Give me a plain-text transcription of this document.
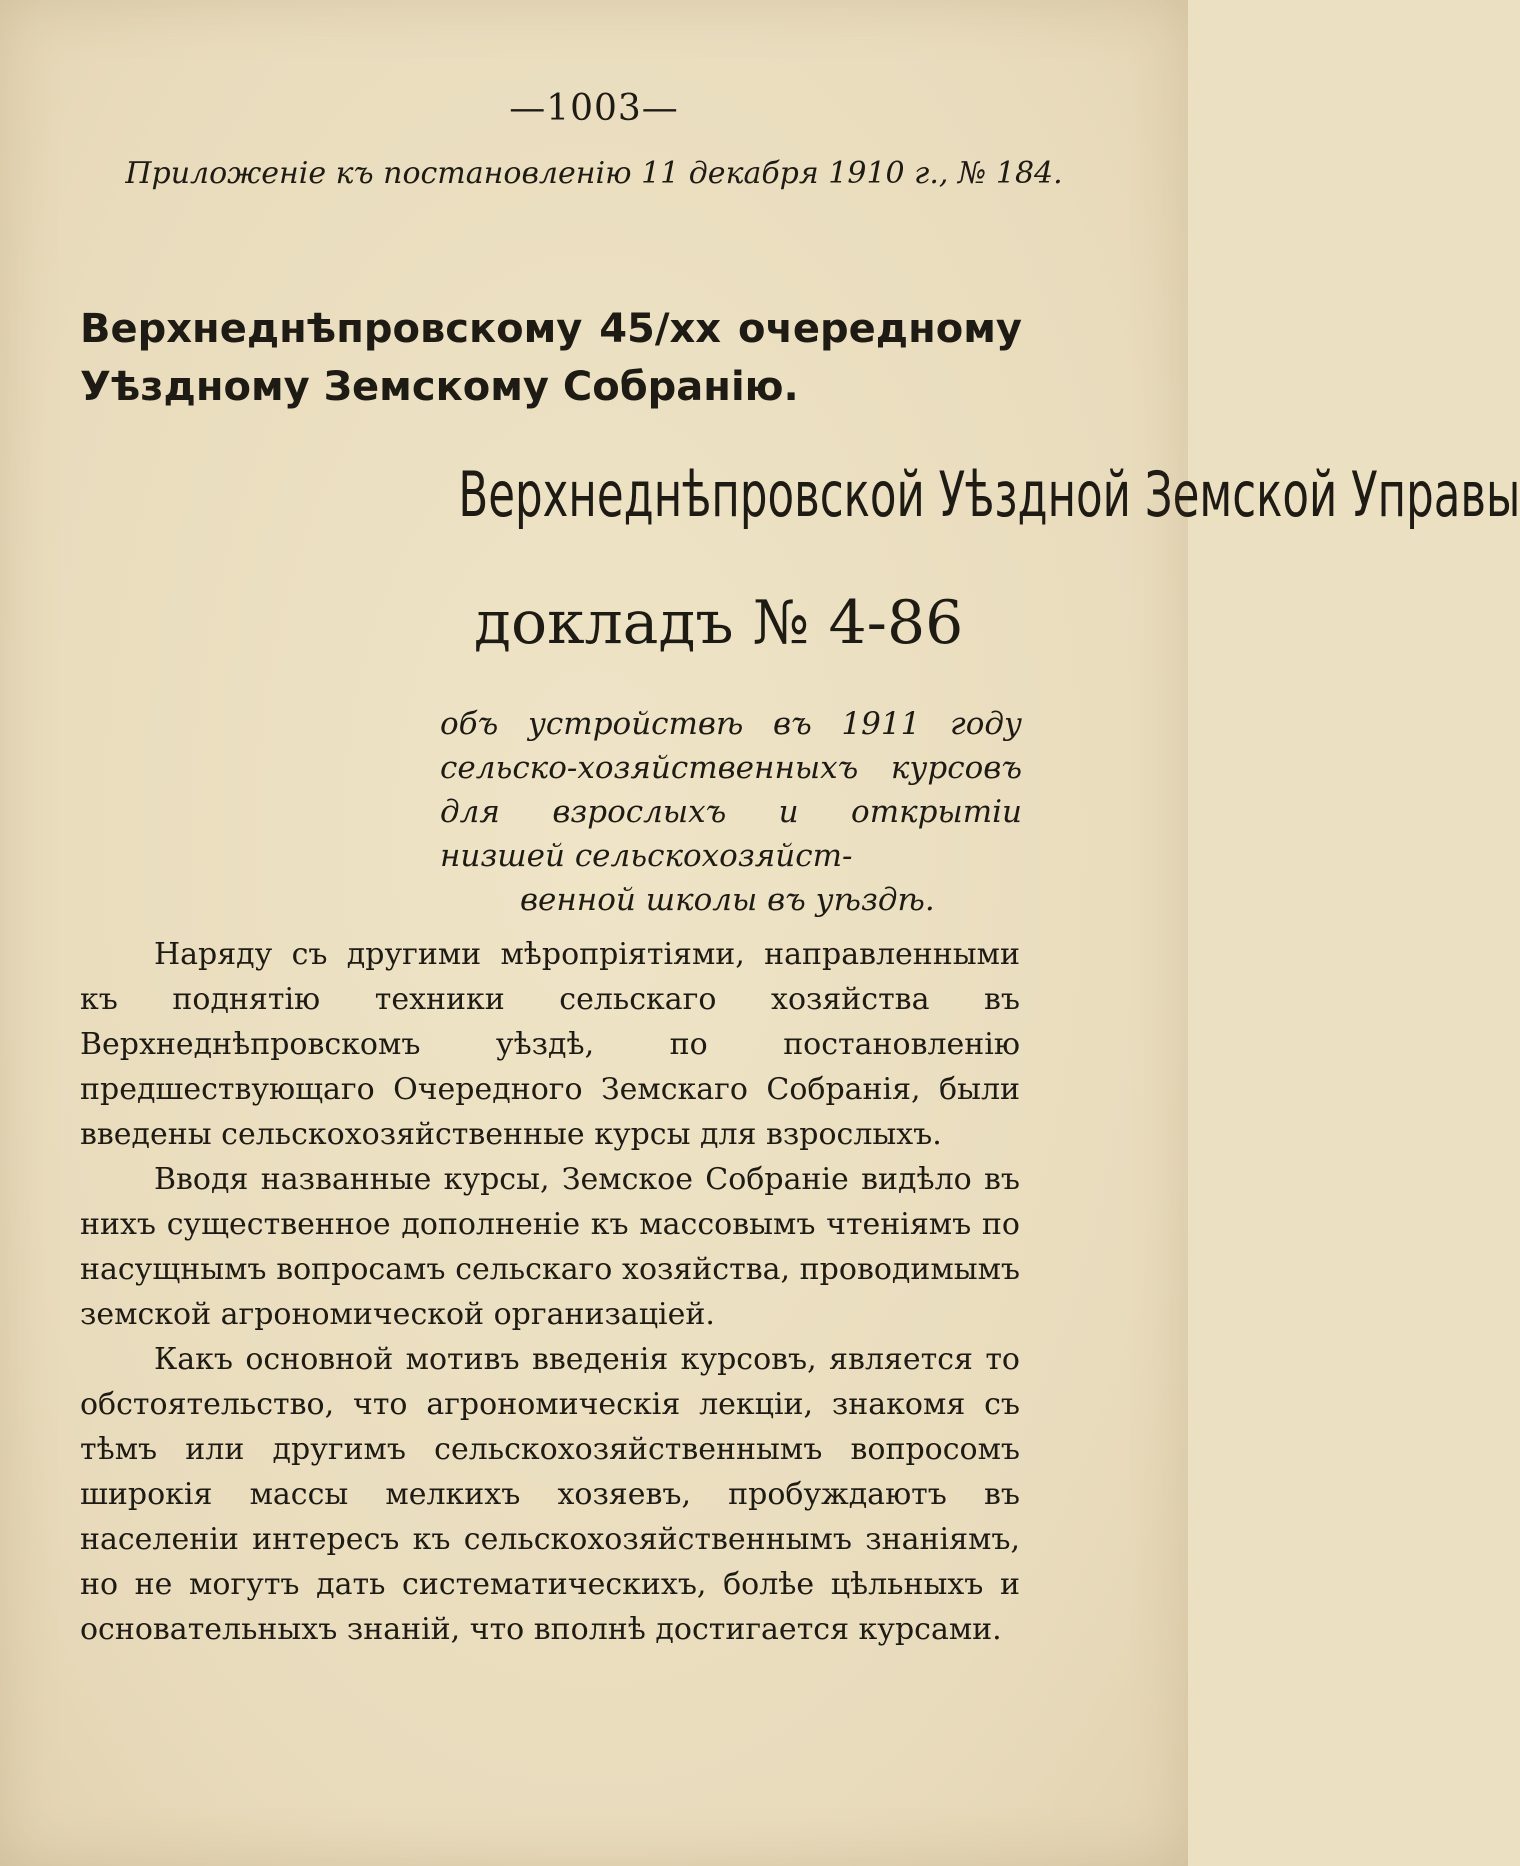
—1003—
Приложеніе къ постановленію 11 декабря 1910 г., № 184.
Верхнеднѣпровскому 45/хх очередному Уѣздному Земскому Собранію.
Верхнеднѣпровской Уѣздной Земской Управы
докладъ № 4-86
объ устройствѣ въ 1911 году сельско-хозяйственныхъ курсовъ для взрослыхъ и открытіи низшей сельскохозяйст-
венной школы въ уѣздѣ.

Наряду съ другими мѣропріятіями, направленными къ поднятію техники сельскаго хозяйства въ Верхнеднѣпровскомъ уѣздѣ, по постановленію предшествующаго Очередного Земскаго Собранія, были введены сельскохозяйственные курсы для взрослыхъ.

Вводя названные курсы, Земское Собраніе видѣло въ нихъ существенное дополненіе къ массовымъ чтеніямъ по насущнымъ вопросамъ сельскаго хозяйства, проводимымъ земской агрономической организаціей.

Какъ основной мотивъ введенія курсовъ, является то обстоятельство, что агрономическія лекціи, знакомя съ тѣмъ или другимъ сельскохозяйственнымъ вопросомъ широкія массы мелкихъ хозяевъ, пробуждаютъ въ населеніи интересъ къ сельскохозяйственнымъ знаніямъ, но не могутъ дать систематическихъ, болѣе цѣльныхъ и основательныхъ знаній, что вполнѣ достигается курсами.
